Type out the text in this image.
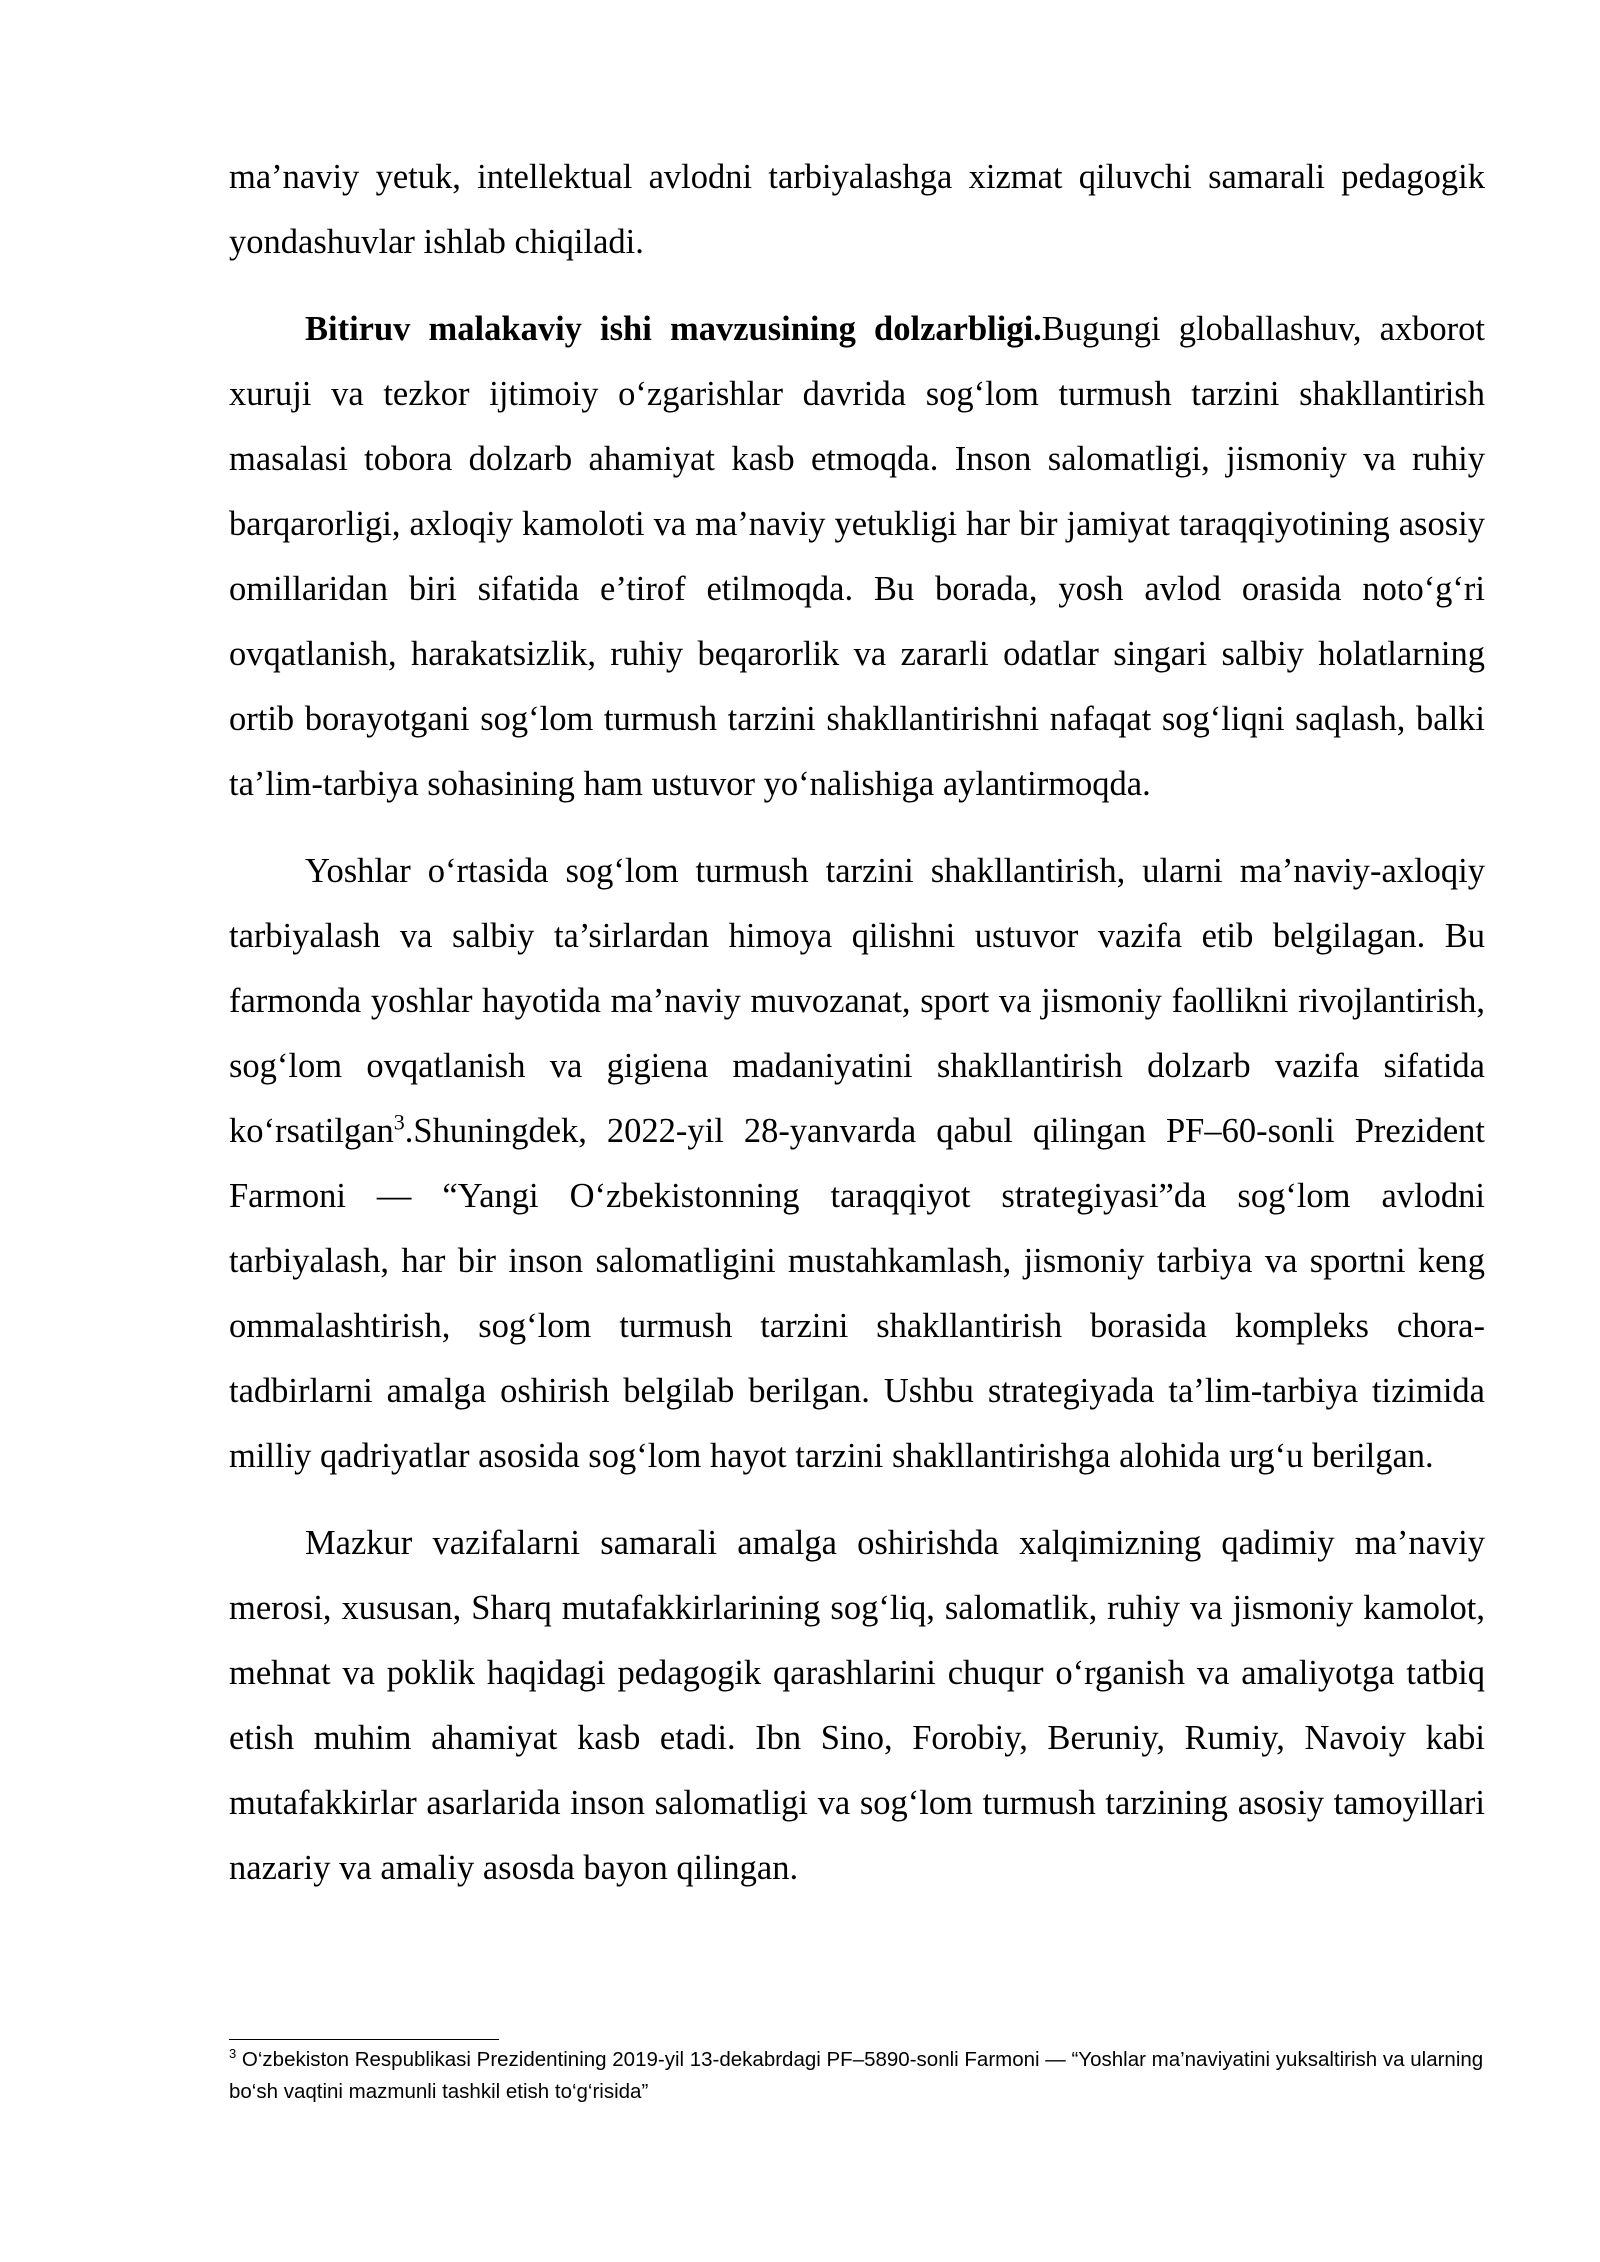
ma’naviy yetuk, intellektual avlodni tarbiyalashga xizmat qiluvchi samarali pedagogik yondashuvlar ishlab chiqiladi.

Bitiruv malakaviy ishi mavzusining dolzarbligi.Bugungi globallashuv, axborot xuruji va tezkor ijtimoiy o‘zgarishlar davrida sog‘lom turmush tarzini shakllantirish masalasi tobora dolzarb ahamiyat kasb etmoqda. Inson salomatligi, jismoniy va ruhiy barqarorligi, axloqiy kamoloti va ma’naviy yetukligi har bir jamiyat taraqqiyotining asosiy omillaridan biri sifatida e’tirof etilmoqda. Bu borada, yosh avlod orasida noto‘g‘ri ovqatlanish, harakatsizlik, ruhiy beqarorlik va zararli odatlar singari salbiy holatlarning ortib borayotgani sog‘lom turmush tarzini shakllantirishni nafaqat sog‘liqni saqlash, balki ta’lim-tarbiya sohasining ham ustuvor yo‘nalishiga aylantirmoqda.

Yoshlar o‘rtasida sog‘lom turmush tarzini shakllantirish, ularni ma’naviy-axloqiy tarbiyalash va salbiy ta’sirlardan himoya qilishni ustuvor vazifa etib belgilagan. Bu farmonda yoshlar hayotida ma’naviy muvozanat, sport va jismoniy faollikni rivojlantirish, sog‘lom ovqatlanish va gigiena madaniyatini shakllantirish dolzarb vazifa sifatida ko‘rsatilgan$^3$.Shuningdek, 2022-yil 28-yanvarda qabul qilingan PF–60-sonli Prezident Farmoni — “Yangi O‘zbekistonning taraqqiyot strategiyasi”da sog‘lom avlodni tarbiyalash, har bir inson salomatligini mustahkamlash, jismoniy tarbiya va sportni keng ommalashtirish, sog‘lom turmush tarzini shakllantirish borasida kompleks chora-tadbirlarni amalga oshirish belgilab berilgan. Ushbu strategiyada ta’lim-tarbiya tizimida milliy qadriyatlar asosida sog‘lom hayot tarzini shakllantirishga alohida urg‘u berilgan.

Mazkur vazifalarni samarali amalga oshirishda xalqimizning qadimiy ma’naviy merosi, xususan, Sharq mutafakkirlarining sog‘liq, salomatlik, ruhiy va jismoniy kamolot, mehnat va poklik haqidagi pedagogik qarashlarini chuqur o‘rganish va amaliyotga tatbiq etish muhim ahamiyat kasb etadi. Ibn Sino, Forobiy, Beruniy, Rumiy, Navoiy kabi mutafakkirlar asarlarida inson salomatligi va sog‘lom turmush tarzining asosiy tamoyillari nazariy va amaliy asosda bayon qilingan.

$^3$ O‘zbekiston Respublikasi Prezidentining 2019-yil 13-dekabrdagi PF–5890-sonli Farmoni — “Yoshlar ma’naviyatini yuksaltirish va ularning bo‘sh vaqtini mazmunli tashkil etish to‘g‘risida”
